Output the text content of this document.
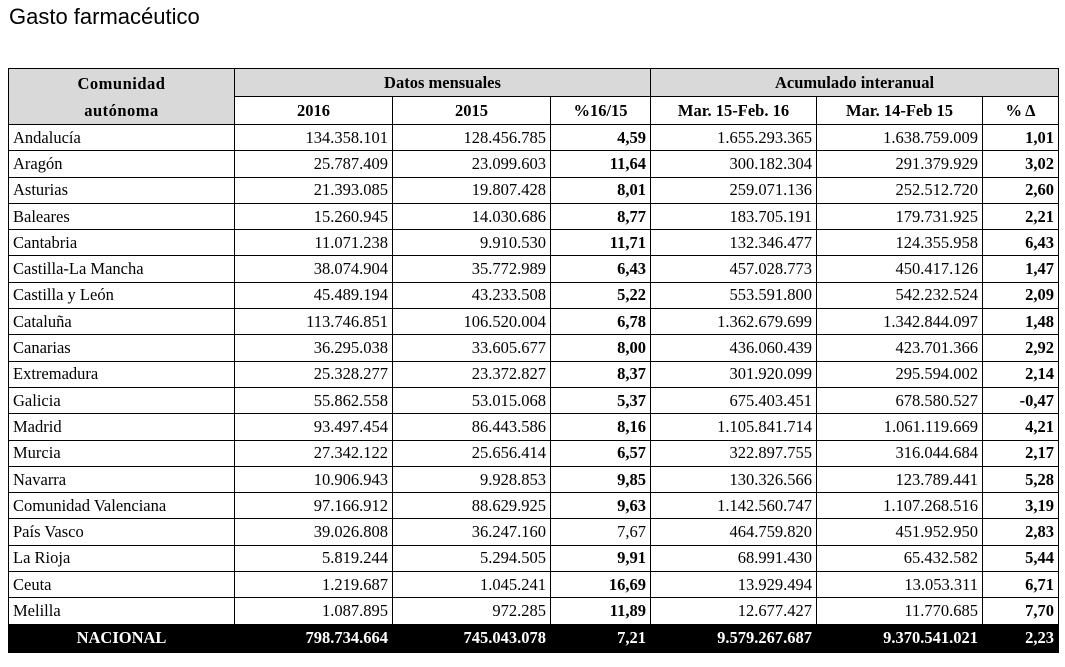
Gasto farmacéutico
Comunidad
autónoma	Datos mensuales			Acumulado interanual		
	2016	2015	%16/15	Mar. 15-Feb. 16	Mar. 14-Feb 15	% Δ
Andalucía	134.358.101	128.456.785	4,59	1.655.293.365	1.638.759.009	1,01
Aragón	25.787.409	23.099.603	11,64	300.182.304	291.379.929	3,02
Asturias	21.393.085	19.807.428	8,01	259.071.136	252.512.720	2,60
Baleares	15.260.945	14.030.686	8,77	183.705.191	179.731.925	2,21
Cantabria	11.071.238	9.910.530	11,71	132.346.477	124.355.958	6,43
Castilla-La Mancha	38.074.904	35.772.989	6,43	457.028.773	450.417.126	1,47
Castilla y León	45.489.194	43.233.508	5,22	553.591.800	542.232.524	2,09
Cataluña	113.746.851	106.520.004	6,78	1.362.679.699	1.342.844.097	1,48
Canarias	36.295.038	33.605.677	8,00	436.060.439	423.701.366	2,92
Extremadura	25.328.277	23.372.827	8,37	301.920.099	295.594.002	2,14
Galicia	55.862.558	53.015.068	5,37	675.403.451	678.580.527	-0,47
Madrid	93.497.454	86.443.586	8,16	1.105.841.714	1.061.119.669	4,21
Murcia	27.342.122	25.656.414	6,57	322.897.755	316.044.684	2,17
Navarra	10.906.943	9.928.853	9,85	130.326.566	123.789.441	5,28
Comunidad Valenciana	97.166.912	88.629.925	9,63	1.142.560.747	1.107.268.516	3,19
País Vasco	39.026.808	36.247.160	7,67	464.759.820	451.952.950	2,83
La Rioja	5.819.244	5.294.505	9,91	68.991.430	65.432.582	5,44
Ceuta	1.219.687	1.045.241	16,69	13.929.494	13.053.311	6,71
Melilla	1.087.895	972.285	11,89	12.677.427	11.770.685	7,70
NACIONAL	798.734.664	745.043.078	7,21	9.579.267.687	9.370.541.021	2,23
